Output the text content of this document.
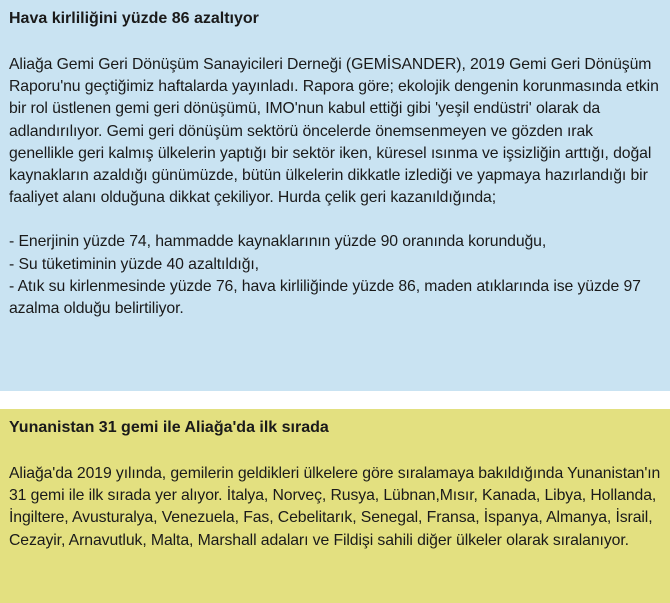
Hava kirliliğini yüzde 86 azaltıyor

Aliağa Gemi Geri Dönüşüm Sanayicileri Derneği (GEMİSANDER), 2019 Gemi Geri Dönüşüm Raporu'nu geçtiğimiz haftalarda yayınladı. Rapora göre; ekolojik dengenin korunmasında etkin bir rol üstlenen gemi geri dönüşümü, IMO'nun kabul ettiği gibi 'yeşil endüstri' olarak da adlandırılıyor. Gemi geri dönüşüm sektörü öncelerde önemsenmeyen ve gözden ırak genellikle geri kalmış ülkelerin yaptığı bir sektör iken, küresel ısınma ve işsizliğin arttığı, doğal kaynakların azaldığı günümüzde, bütün ülkelerin dikkatle izlediği ve yapmaya hazırlandığı bir faaliyet alanı olduğuna dikkat çekiliyor. Hurda çelik geri kazanıldığında;

- Enerjinin yüzde 74, hammadde kaynaklarının yüzde 90 oranında korunduğu,

- Su tüketiminin yüzde 40 azaltıldığı,

- Atık su kirlenmesinde yüzde 76, hava kirliliğinde yüzde 86, maden atıklarında ise yüzde 97 azalma olduğu belirtiliyor.

Yunanistan 31 gemi ile Aliağa'da ilk sırada

Aliağa'da 2019 yılında, gemilerin geldikleri ülkelere göre sıralamaya bakıldığında Yunanistan'ın 31 gemi ile ilk sırada yer alıyor. İtalya, Norveç, Rusya, Lübnan,Mısır, Kanada, Libya, Hollanda, İngiltere, Avusturalya, Venezuela, Fas, Cebelitarık, Senegal, Fransa, İspanya, Almanya, İsrail, Cezayir, Arnavutluk, Malta, Marshall adaları ve Fildişi sahili diğer ülkeler olarak sıralanıyor.
